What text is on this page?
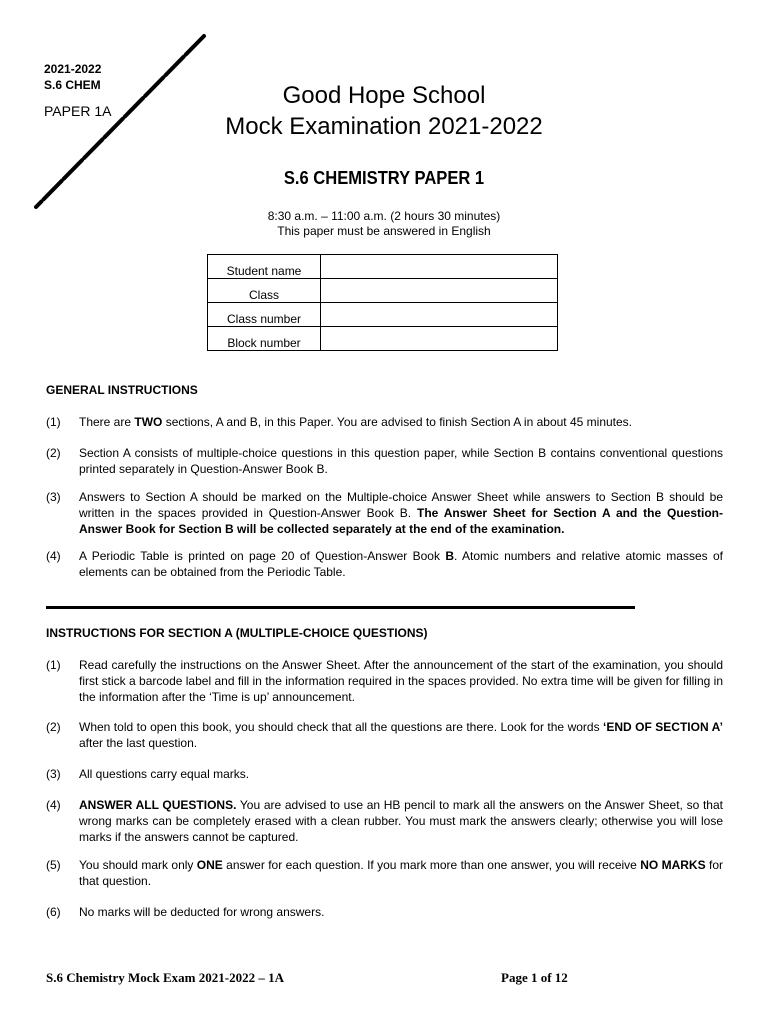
2021-2022
S.6 CHEM
PAPER 1A
Good Hope School
Mock Examination 2021-2022
S.6 CHEMISTRY PAPER 1
8:30 a.m. – 11:00 a.m. (2 hours 30 minutes)
This paper must be answered in English
Student name	
Class	
Class number	
Block number	
GENERAL INSTRUCTIONS
(1) There are TWO sections, A and B, in this Paper. You are advised to finish Section A in about 45 minutes.
(2) Section A consists of multiple-choice questions in this question paper, while Section B contains conventional questions printed separately in Question-Answer Book B.
(3) Answers to Section A should be marked on the Multiple-choice Answer Sheet while answers to Section B should be written in the spaces provided in Question-Answer Book B. The Answer Sheet for Section A and the Question-Answer Book for Section B will be collected separately at the end of the examination.
(4) A Periodic Table is printed on page 20 of Question-Answer Book B. Atomic numbers and relative atomic masses of elements can be obtained from the Periodic Table.
INSTRUCTIONS FOR SECTION A (MULTIPLE-CHOICE QUESTIONS)
(1) Read carefully the instructions on the Answer Sheet. After the announcement of the start of the examination, you should first stick a barcode label and fill in the information required in the spaces provided. No extra time will be given for filling in the information after the ‘Time is up’ announcement.
(2) When told to open this book, you should check that all the questions are there. Look for the words ‘END OF SECTION A’ after the last question.
(3) All questions carry equal marks.
(4) ANSWER ALL QUESTIONS. You are advised to use an HB pencil to mark all the answers on the Answer Sheet, so that wrong marks can be completely erased with a clean rubber. You must mark the answers clearly; otherwise you will lose marks if the answers cannot be captured.
(5) You should mark only ONE answer for each question. If you mark more than one answer, you will receive NO MARKS for that question.
(6) No marks will be deducted for wrong answers.
S.6 Chemistry Mock Exam 2021-2022 – 1A	Page 1 of 12
